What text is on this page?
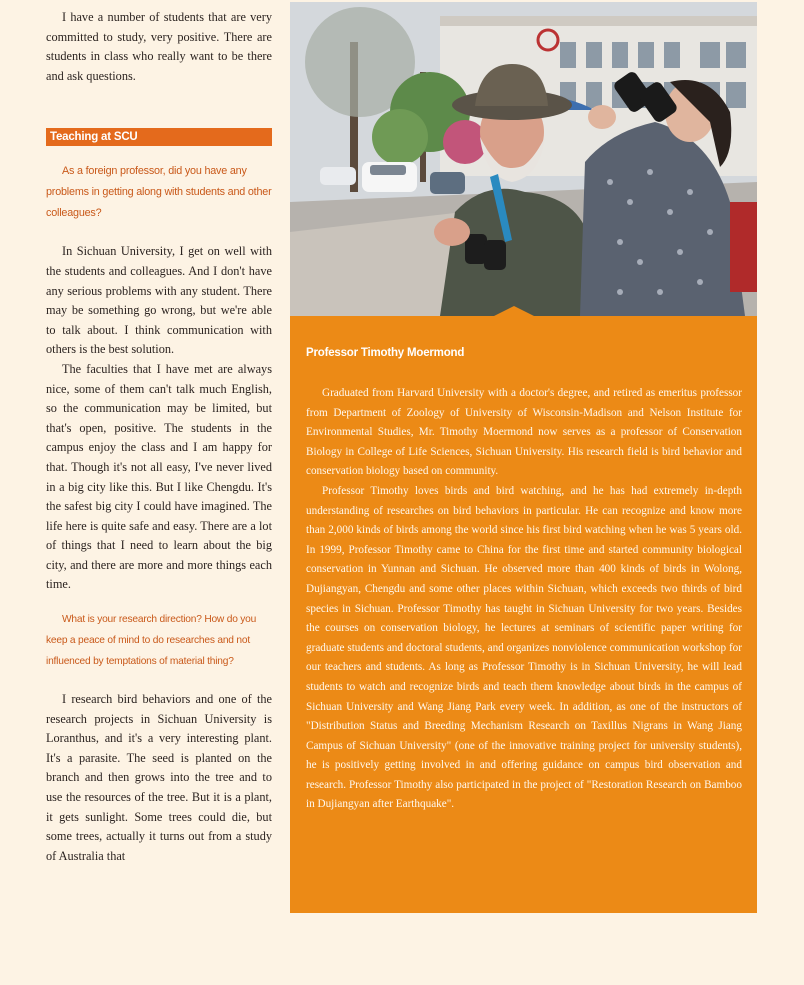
I have a number of students that are very committed to study, very positive. There are students in class who really want to be there and ask questions.

Teaching at SCU

As a foreign professor, did you have any problems in getting along with students and other colleagues?

In Sichuan University, I get on well with the students and colleagues. And I don't have any serious problems with any student. There may be something go wrong, but we're able to talk about. I think communication with others is the best solution.

The faculties that I have met are always nice, some of them can't talk much English, so the communication may be limited, but that's open, positive. The students in the campus enjoy the class and I am happy for that. Though it's not all easy, I've never lived in a big city like this. But I like Chengdu. It's the safest big city I could have imagined. The life here is quite safe and easy. There are a lot of things that I need to learn about the big city, and there are more and more things each time.

What is your research direction? How do you keep a peace of mind to do researches and not influenced by temptations of material thing?

I research bird behaviors and one of the research projects in Sichuan University is Loranthus, and it's a very interesting plant. It's a parasite. The seed is planted on the branch and then grows into the tree and to use the resources of the tree. But it is a plant, it gets sunlight. Some trees could die, but some trees, actually it turns out from a study of Australia that

Professor Timothy Moermond

Graduated from Harvard University with a doctor's degree, and retired as emeritus professor from Department of Zoology of University of Wisconsin-Madison and Nelson Institute for Environmental Studies, Mr. Timothy Moermond now serves as a professor of Conservation Biology in College of Life Sciences, Sichuan University. His research field is bird behavior and conservation biology based on community.

Professor Timothy loves birds and bird watching, and he has had extremely in-depth understanding of researches on bird behaviors in particular. He can recognize and know more than 2,000 kinds of birds among the world since his first bird watching when he was 5 years old. In 1999, Professor Timothy came to China for the first time and started community biological conservation in Yunnan and Sichuan. He observed more than 400 kinds of birds in Wolong, Dujiangyan, Chengdu and some other places within Sichuan, which exceeds two thirds of bird species in Sichuan. Professor Timothy has taught in Sichuan University for two years. Besides the courses on conservation biology, he lectures at seminars of scientific paper writing for graduate students and doctoral students, and organizes nonviolence communication workshop for our teachers and students. As long as Professor Timothy is in Sichuan University, he will lead students to watch and recognize birds and teach them knowledge about birds in the campus of Sichuan University and Wang Jiang Park every week. In addition, as one of the instructors of "Distribution Status and Breeding Mechanism Research on Taxillus Nigrans in Wang Jiang Campus of Sichuan University" (one of the innovative training project for university students), he is positively getting involved in and offering guidance on campus bird observation and research. Professor Timothy also participated in the project of "Restoration Research on Bamboo in Dujiangyan after Earthquake".
